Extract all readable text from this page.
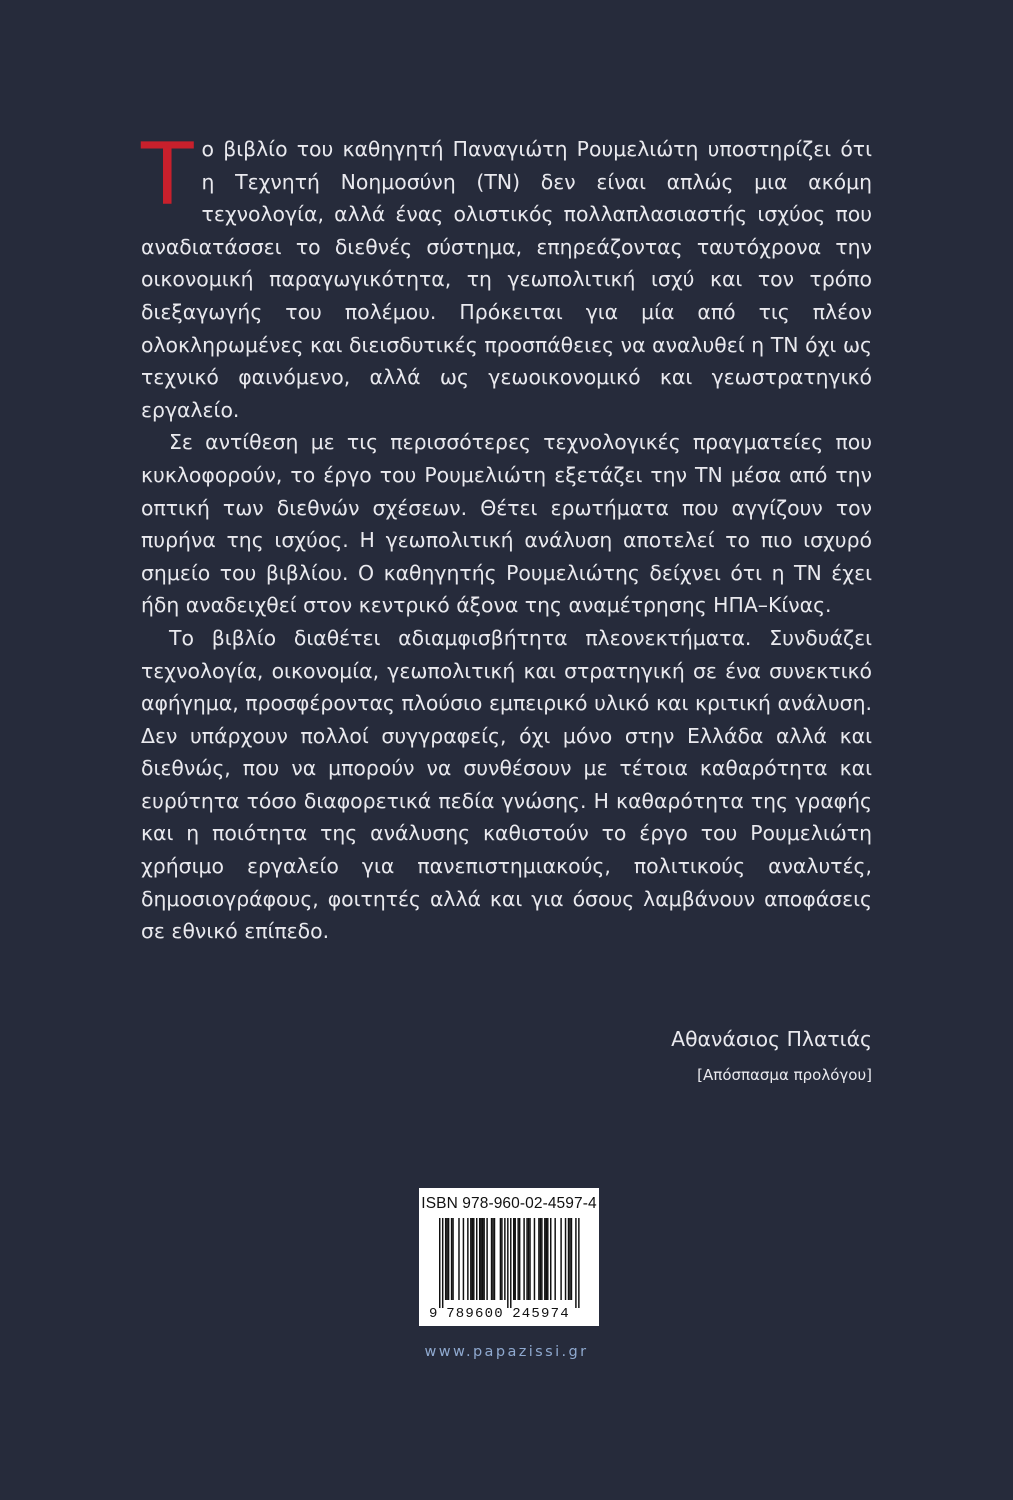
Το βιβλίο του καθηγητή Παναγιώτη Ρουμελιώτη υποστηρίζει ότι η Τεχνητή Νοημοσύνη (ΤΝ) δεν είναι απλώς μια ακόμη τεχνολογία, αλλά ένας ολιστικός πολλαπλασιαστής ισχύος που αναδιατάσσει το διεθνές σύστημα, επηρεάζοντας ταυτόχρονα την οικονομική παραγωγικότητα, τη γεωπολιτική ισχύ και τον τρόπο διεξαγωγής του πολέμου. Πρόκειται για μία από τις πλέον ολοκληρωμένες και διεισδυτικές προσπάθειες να αναλυθεί η ΤΝ όχι ως τεχνικό φαινόμενο, αλλά ως γεωοικονομικό και γεωστρατηγικό εργαλείο.

Σε αντίθεση με τις περισσότερες τεχνολογικές πραγματείες που κυκλοφορούν, το έργο του Ρουμελιώτη εξετάζει την ΤΝ μέσα από την οπτική των διεθνών σχέσεων. Θέτει ερωτήματα που αγγίζουν τον πυρήνα της ισχύος. Η γεωπολιτική ανάλυση αποτελεί το πιο ισχυρό σημείο του βιβλίου. Ο καθηγητής Ρουμελιώτης δείχνει ότι η ΤΝ έχει ήδη αναδειχθεί στον κεντρικό άξονα της αναμέτρησης ΗΠΑ–Κίνας.

Το βιβλίο διαθέτει αδιαμφισβήτητα πλεονεκτήματα. Συνδυάζει τεχνολογία, οικονομία, γεωπολιτική και στρατηγική σε ένα συνεκτικό αφήγημα, προσφέροντας πλούσιο εμπειρικό υλικό και κριτική ανάλυση. Δεν υπάρχουν πολλοί συγγραφείς, όχι μόνο στην Ελλάδα αλλά και διεθνώς, που να μπορούν να συνθέσουν με τέτοια καθαρότητα και ευρύτητα τόσο διαφορετικά πεδία γνώσης. Η καθαρότητα της γραφής και η ποιότητα της ανάλυσης καθιστούν το έργο του Ρουμελιώτη χρήσιμο εργαλείο για πανεπιστημιακούς, πολιτικούς αναλυτές, δημοσιογράφους, φοιτητές αλλά και για όσους λαμβάνουν αποφάσεις σε εθνικό επίπεδο.

Αθανάσιος Πλατιάς
[Απόσπασμα προλόγου]
ISBN 978-960-02-4597-4
9 789600 245974
www.papazissi.gr
